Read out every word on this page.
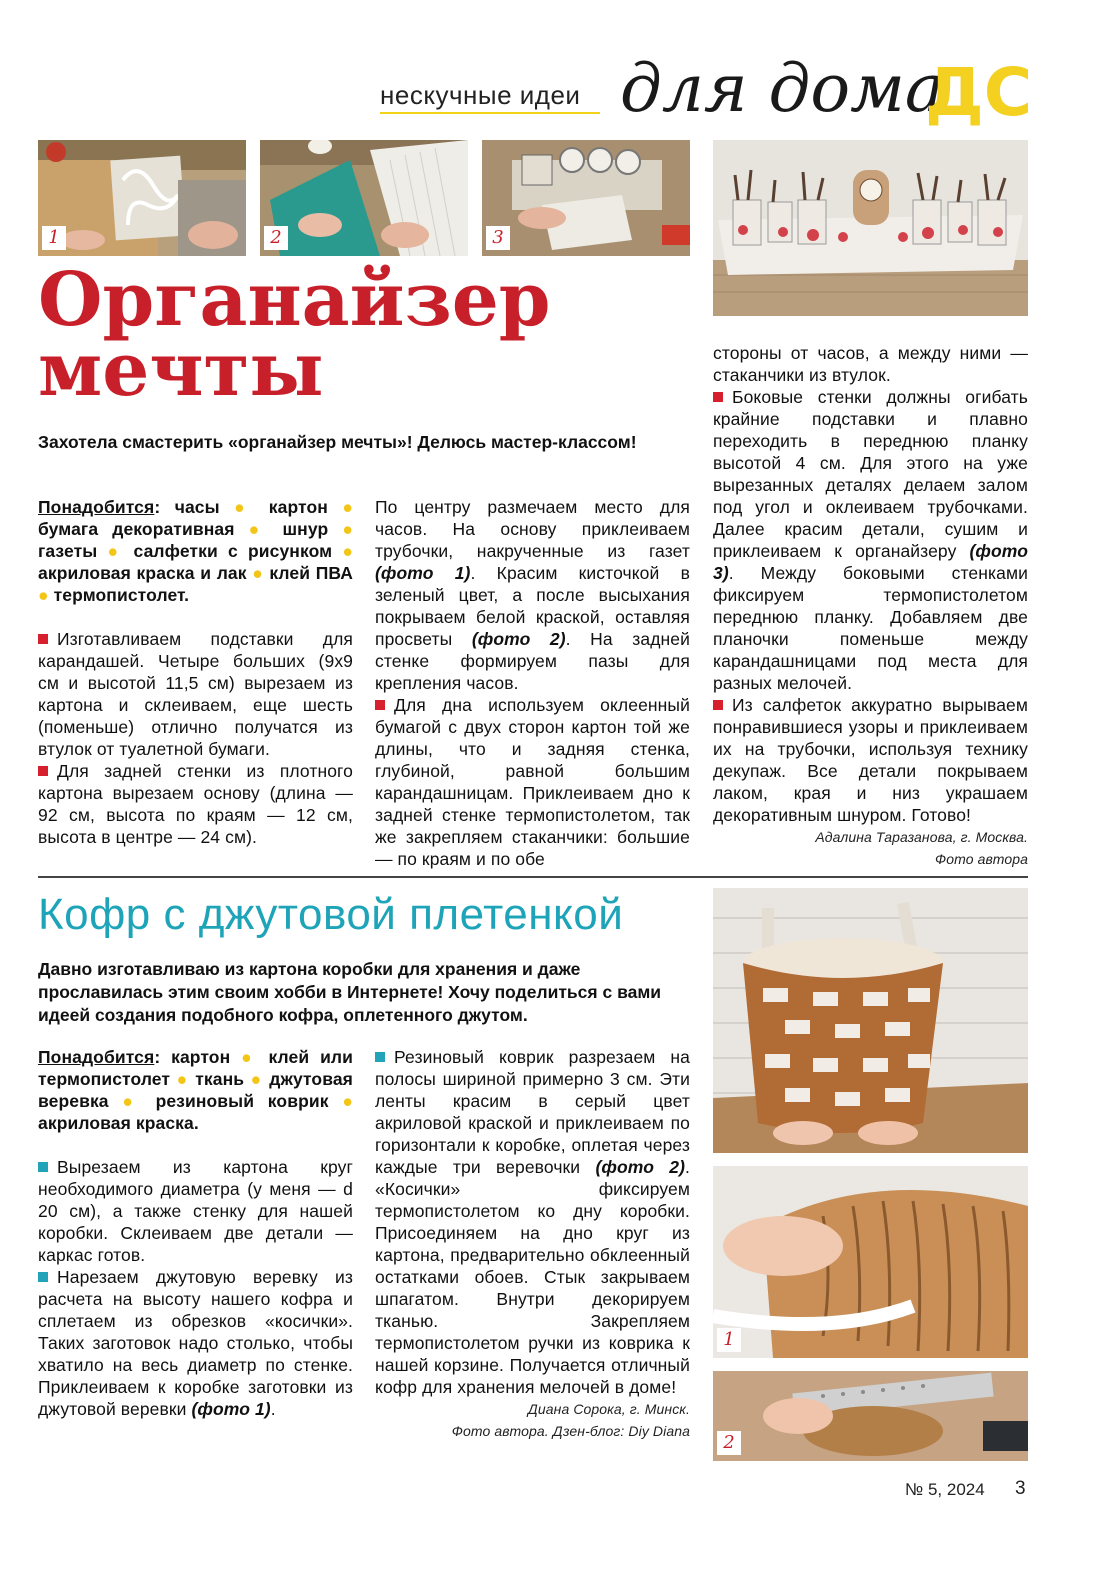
нескучные идеи для дома
ДС
1	2	3
Органайзер
мечты
Захотела смастерить «органайзер мечты»! Делюсь мастер-классом!

Понадобится: часы ● картон ● бумага декоративная ● шнур ● газеты ● салфетки с рисунком ● акриловая краска и лак ● клей ПВА ● термопистолет.

Изготавливаем подставки для карандашей. Четыре больших (9x9 см и высотой 11,5 см) вырезаем из картона и склеиваем, еще шесть (поменьше) отлично получатся из втулок от туалетной бумаги.

Для задней стенки из плотного картона вырезаем основу (длина — 92 см, высота по краям — 12 см, высота в центре — 24 см).

По центру размечаем место для часов. На основу приклеиваем трубочки, накрученные из газет (фото 1). Красим кисточкой в зеленый цвет, а после высыхания покрываем белой краской, оставляя просветы (фото 2). На задней стенке формируем пазы для крепления часов.

Для дна используем оклеенный бумагой с двух сторон картон той же длины, что и задняя стенка, глубиной, равной большим карандашницам. Приклеиваем дно к задней стенке термопистолетом, так же закрепляем стаканчики: большие — по краям и по обе

стороны от часов, а между ними — стаканчики из втулок.

Боковые стенки должны огибать крайние подставки и плавно переходить в переднюю планку высотой 4 см. Для этого на уже вырезанных деталях делаем залом под угол и оклеиваем трубочками. Далее красим детали, сушим и приклеиваем к органайзеру (фото 3). Между боковыми стенками фиксируем термопистолетом переднюю планку. Добавляем две планочки поменьше между карандашницами под места для разных мелочей.

Из салфеток аккуратно вырываем понравившиеся узоры и приклеиваем их на трубочки, используя технику декупаж. Все детали покрываем лаком, края и низ украшаем декоративным шнуром. Готово!

Адалина Таразанова, г. Москва.
Фото автора
Кофр с джутовой плетенкой
Давно изготавливаю из картона коробки для хранения и даже прославилась этим своим хобби в Интернете! Хочу поделиться с вами идеей создания подобного кофра, оплетенного джутом.

Понадобится: картон ● клей или термопистолет ● ткань ● джутовая веревка ● резиновый коврик ● акриловая краска.

Вырезаем из картона круг необходимого диаметра (у меня — d 20 см), а также стенку для нашей коробки. Склеиваем две детали — каркас готов.

Нарезаем джутовую веревку из расчета на высоту нашего кофра и сплетаем из обрезков «косички». Таких заготовок надо столько, чтобы хватило на весь диаметр по стенке. Приклеиваем к коробке заготовки из джутовой веревки (фото 1).

Резиновый коврик разрезаем на полосы шириной примерно 3 см. Эти ленты красим в серый цвет акриловой краской и приклеиваем по горизонтали к коробке, оплетая через каждые три веревочки (фото 2). «Косички» фиксируем термопистолетом ко дну коробки. Присоединяем на дно круг из картона, предварительно обклеенный остатками обоев. Стык закрываем шпагатом. Внутри декорируем тканью. Закрепляем термопистолетом ручки из коврика к нашей корзине. Получается отличный кофр для хранения мелочей в доме!

Диана Сорока, г. Минск.
Фото автора. Дзен-блог: Diy Diana
1
2
№ 5, 2024 3
